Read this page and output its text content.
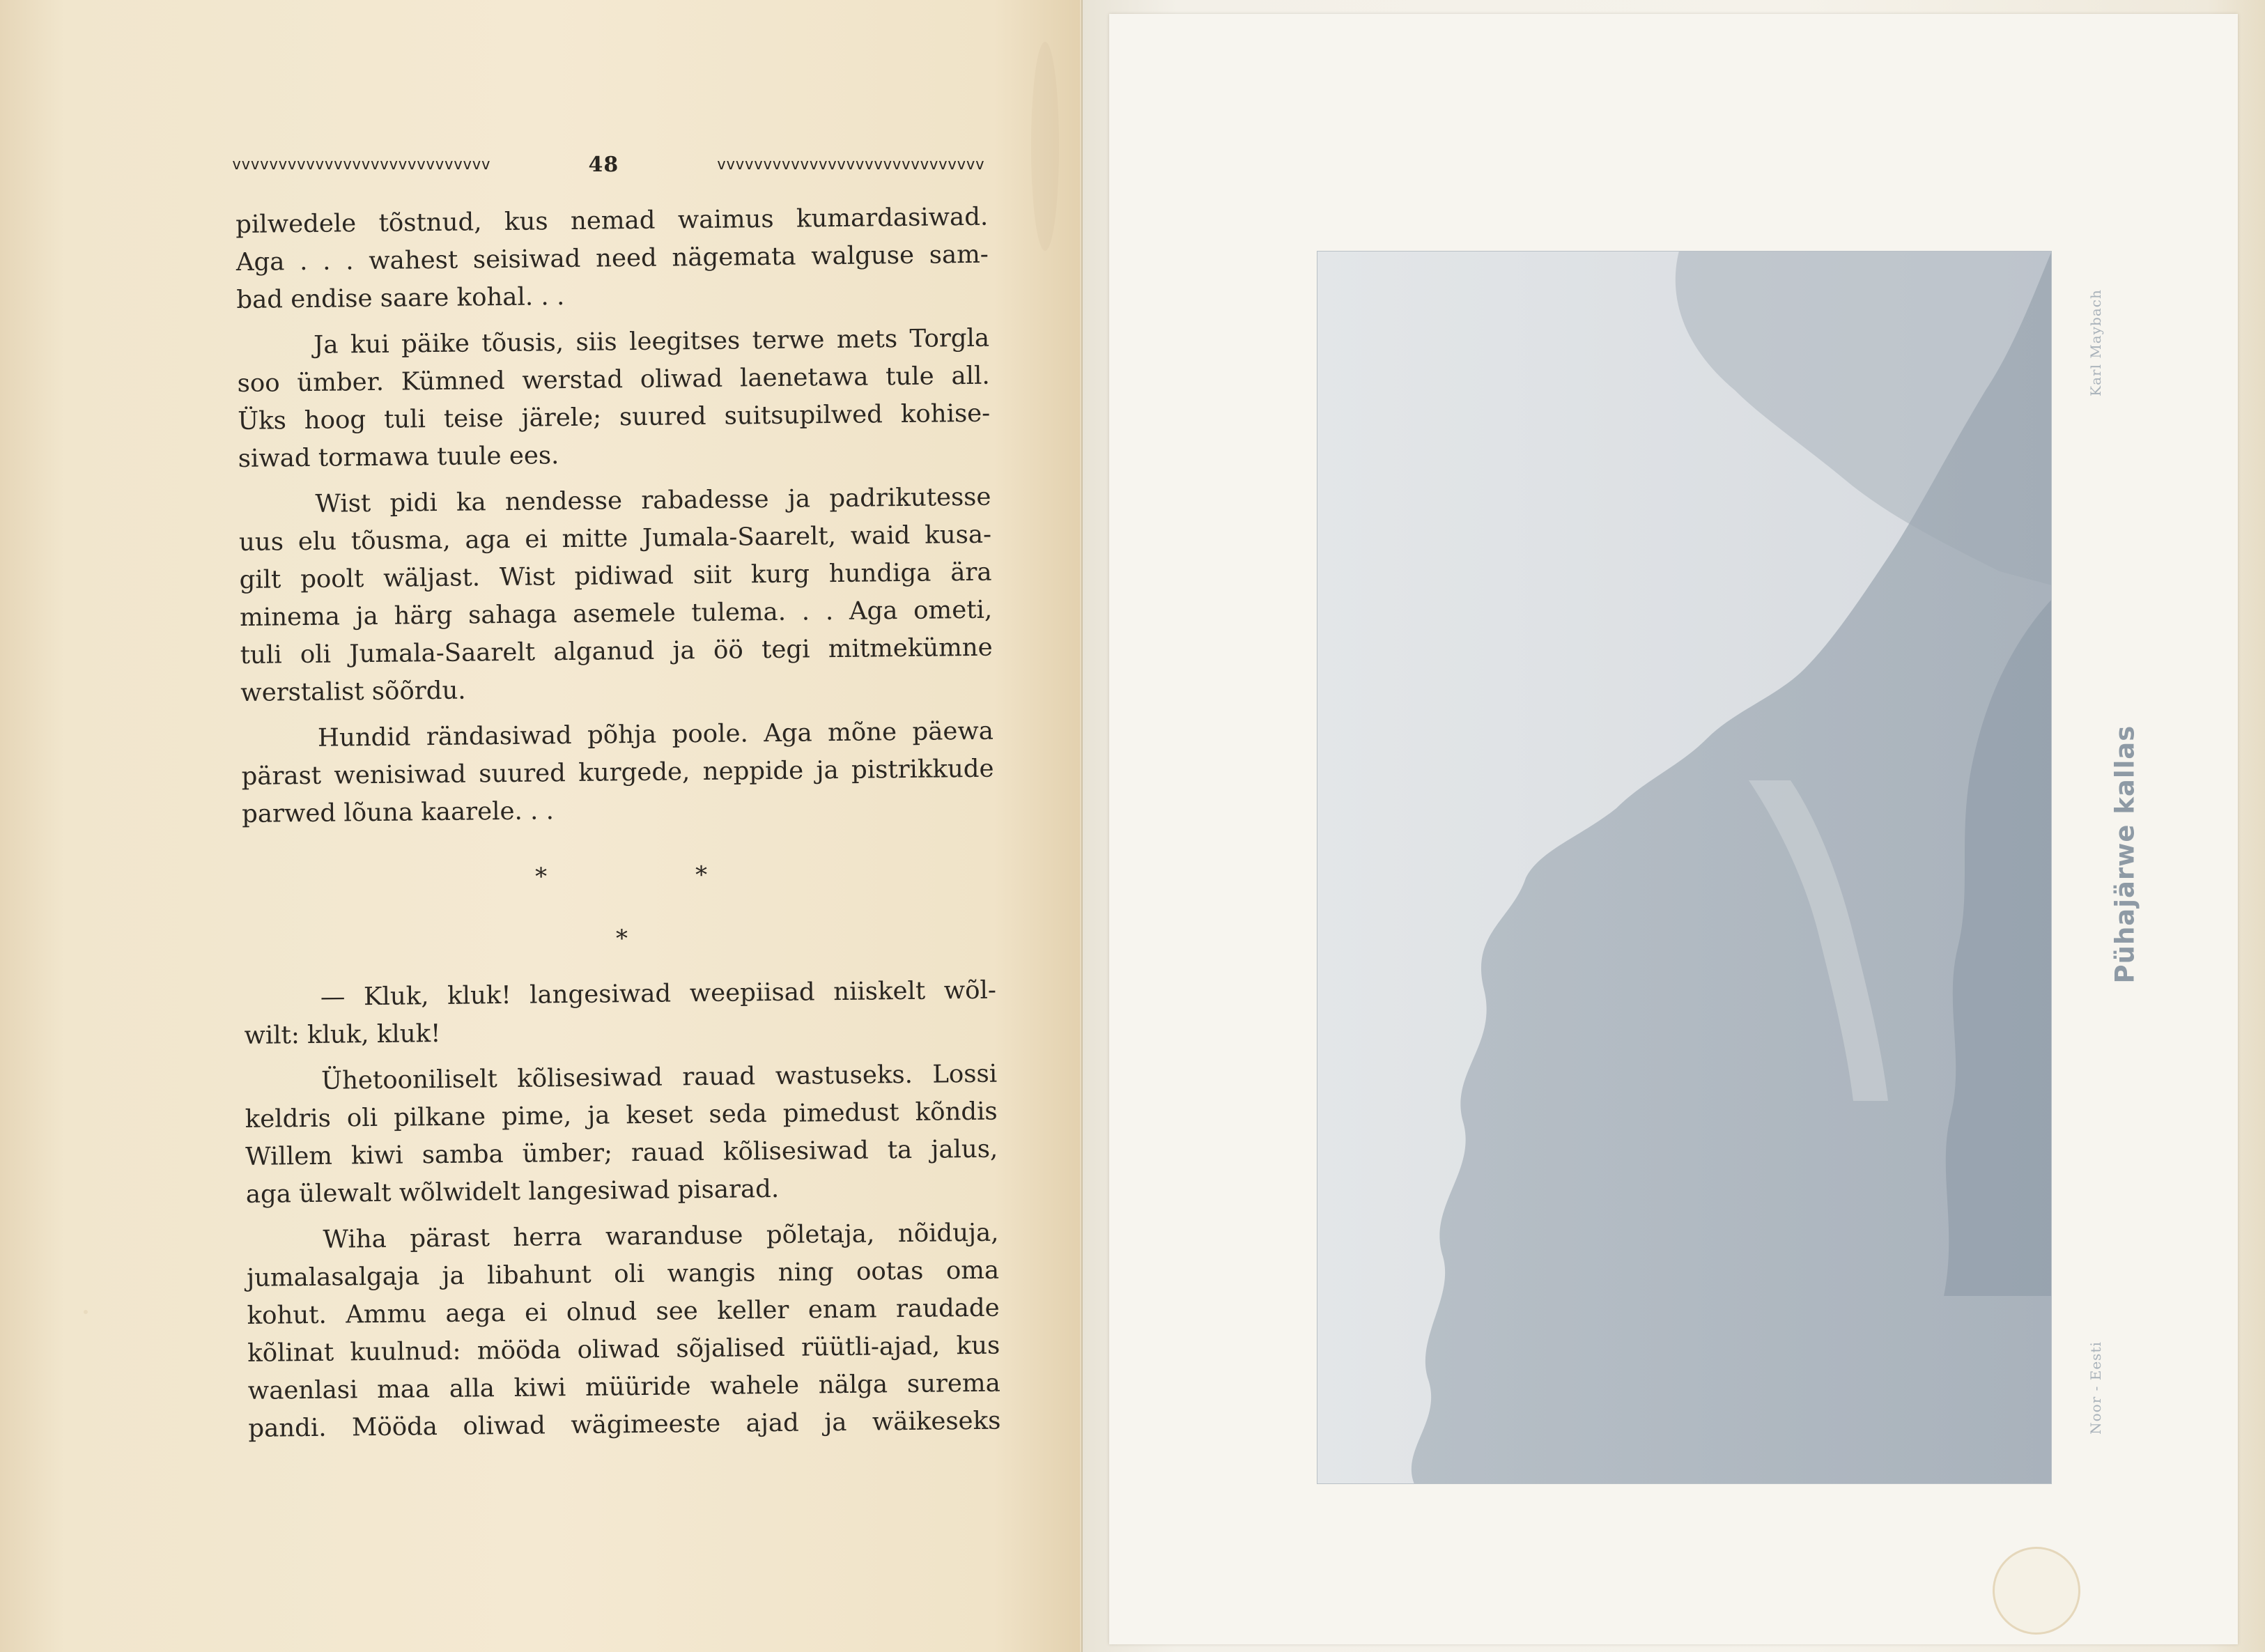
vvvvvvvvvvvvvvvvvvvvvvvvvvvv	48	vvvvvvvvvvvvvvvvvvvvvvvvvvvvv
pilwedele tõstnud, kus nemad waimus kumardasiwad.
Aga . . . wahest seisiwad need nägemata walguse sam-
bad endise saare kohal. . .
Ja kui päike tõusis, siis leegitses terwe mets Torgla
soo ümber. Kümned werstad oliwad laenetawa tule all.
Üks hoog tuli teise järele; suured suitsupilwed kohise-
siwad tormawa tuule ees.
Wist pidi ka nendesse rabadesse ja padrikutesse
uus elu tõusma, aga ei mitte Jumala-Saarelt, waid kusa-
gilt poolt wäljast. Wist pidiwad siit kurg hundiga ära
minema ja härg sahaga asemele tulema. . . Aga ometi,
tuli oli Jumala-Saarelt alganud ja öö tegi mitmekümne
werstalist sõõrdu.
Hundid rändasiwad põhja poole. Aga mõne päewa
pärast wenisiwad suured kurgede, neppide ja pistrikkude
parwed lõuna kaarele. . .
*	*
*
— Kluk, kluk! langesiwad weepiisad niiskelt wõl-
wilt: kluk, kluk!
Ühetooniliselt kõlisesiwad rauad wastuseks. Lossi
keldris oli pilkane pime, ja keset seda pimedust kõndis
Willem kiwi samba ümber; rauad kõlisesiwad ta jalus,
aga ülewalt wõlwidelt langesiwad pisarad.
Wiha pärast herra waranduse põletaja, nõiduja,
jumalasalgaja ja libahunt oli wangis ning ootas oma
kohut. Ammu aega ei olnud see keller enam raudade
kõlinat kuulnud: mööda oliwad sõjalised rüütli-ajad, kus
waenlasi maa alla kiwi müüride wahele nälga surema
pandi. Mööda oliwad wägimeeste ajad ja wäikeseks
Karl Maybach
Pühajärwe kallas
Noor - Eesti
